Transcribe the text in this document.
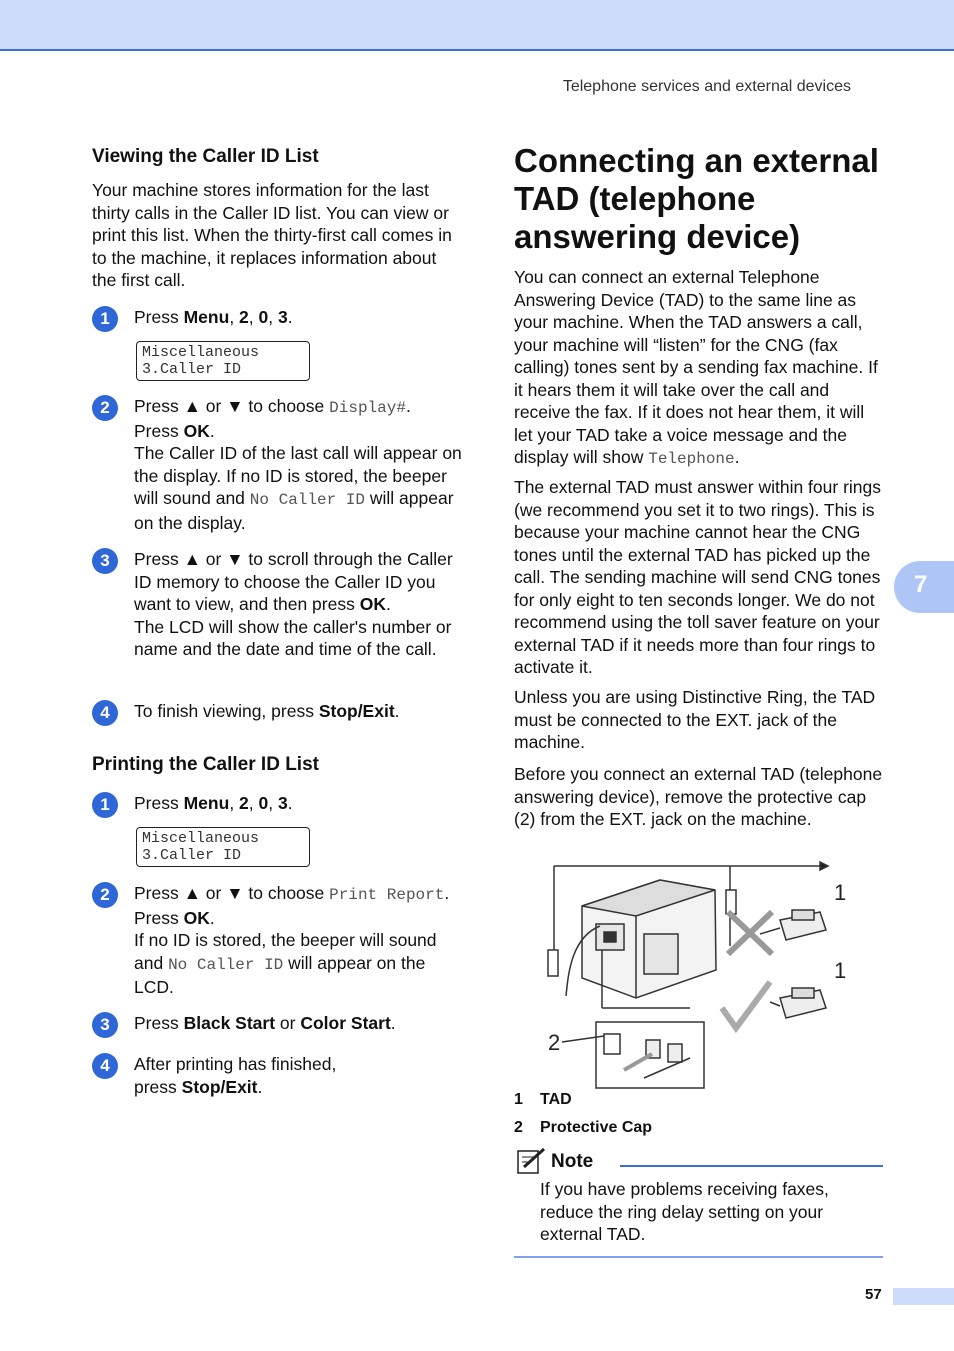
Telephone services and external devices
7
Viewing the Caller ID List

Your machine stores information for the last thirty calls in the Caller ID list. You can view or print this list. When the thirty-first call comes in to the machine, it replaces information about the first call.

1	Press Menu, 2, 0, 3.
Miscellaneous
3.Caller ID
2	Press ▲ or ▼ to choose Display#.
Press OK.
The Caller ID of the last call will appear on the display. If no ID is stored, the beeper will sound and No Caller ID will appear on the display.
3	Press ▲ or ▼ to scroll through the Caller ID memory to choose the Caller ID you want to view, and then press OK.
The LCD will show the caller's number or name and the date and time of the call.
4	To finish viewing, press Stop/Exit.
Printing the Caller ID List
1	Press Menu, 2, 0, 3.
Miscellaneous
3.Caller ID
2	Press ▲ or ▼ to choose Print Report.
Press OK.
If no ID is stored, the beeper will sound and No Caller ID will appear on the LCD.
3	Press Black Start or Color Start.
4	After printing has finished, press Stop/Exit.
Connecting an external TAD (telephone answering device)

You can connect an external Telephone Answering Device (TAD) to the same line as your machine. When the TAD answers a call, your machine will “listen” for the CNG (fax calling) tones sent by a sending fax machine. If it hears them it will take over the call and receive the fax. If it does not hear them, it will let your TAD take a voice message and the display will show Telephone.

The external TAD must answer within four rings (we recommend you set it to two rings). This is because your machine cannot hear the CNG tones until the external TAD has picked up the call. The sending machine will send CNG tones for only eight to ten seconds longer. We do not recommend using the toll saver feature on your external TAD if it needs more than four rings to activate it.

Unless you are using Distinctive Ring, the TAD must be connected to the EXT. jack of the machine.

Before you connect an external TAD (telephone answering device), remove the protective cap (2) from the EXT. jack on the machine.

1
1
2
1 TAD
2 Protective Cap
Note

If you have problems receiving faxes, reduce the ring delay setting on your external TAD.

57
